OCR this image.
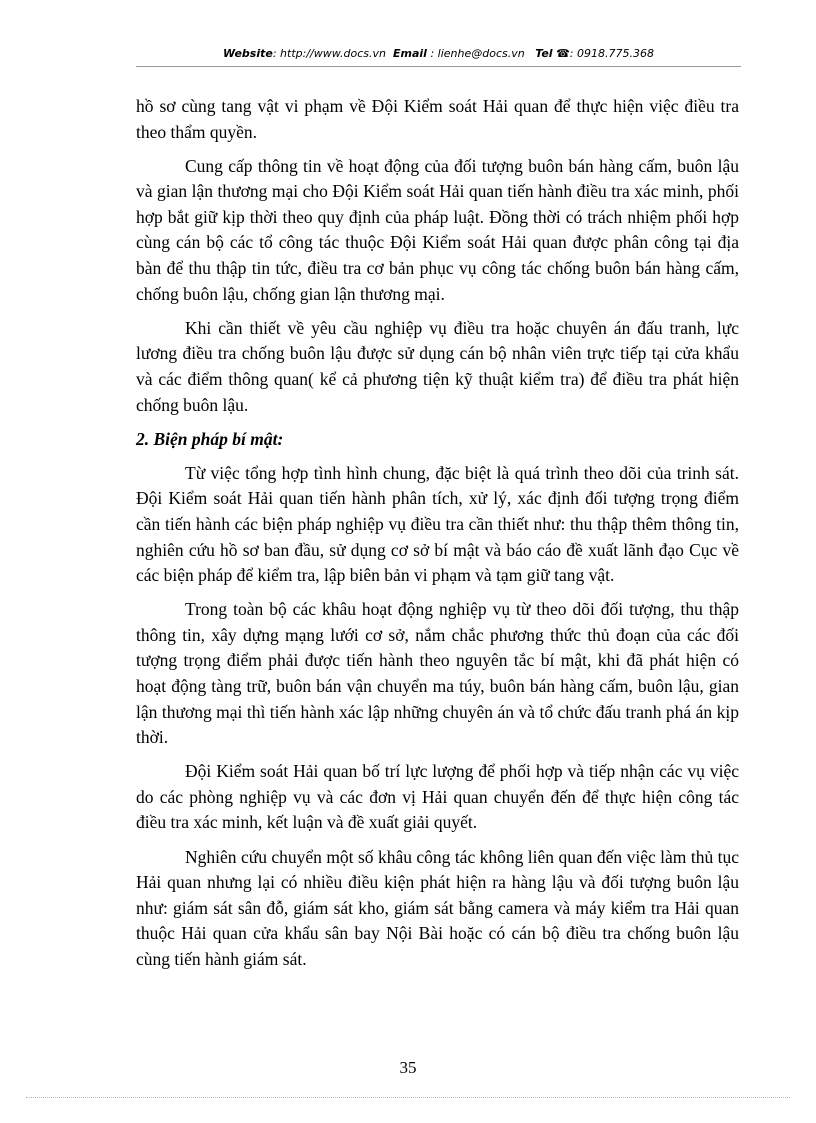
Website: http://www.docs.vn Email : lienhe@docs.vn Tel ☎: 0918.775.368

hồ sơ cùng tang vật vi phạm về Đội Kiểm soát Hải quan để thực hiện việc điều tra theo thẩm quyền.

Cung cấp thông tin về hoạt động của đối tượng buôn bán hàng cấm, buôn lậu và gian lận thương mại cho Đội Kiểm soát Hải quan tiến hành điều tra xác minh, phối hợp bắt giữ kịp thời theo quy định của pháp luật. Đồng thời có trách nhiệm phối hợp cùng cán bộ các tổ công tác thuộc Đội Kiểm soát Hải quan được phân công tại địa bàn để thu thập tin tức, điều tra cơ bản phục vụ công tác chống buôn bán hàng cấm, chống buôn lậu, chống gian lận thương mại.

Khi cần thiết về yêu cầu nghiệp vụ điều tra hoặc chuyên án đấu tranh, lực lương điều tra chống buôn lậu được sử dụng cán bộ nhân viên trực tiếp tại cửa khẩu và các điểm thông quan( kể cả phương tiện kỹ thuật kiểm tra) để điều tra phát hiện chống buôn lậu.

2. Biện pháp bí mật:

Từ việc tổng hợp tình hình chung, đặc biệt là quá trình theo dõi của trinh sát. Đội Kiểm soát Hải quan tiến hành phân tích, xử lý, xác định đối tượng trọng điểm cần tiến hành các biện pháp nghiệp vụ điều tra cần thiết như: thu thập thêm thông tin, nghiên cứu hồ sơ ban đầu, sử dụng cơ sở bí mật và báo cáo đề xuất lãnh đạo Cục về các biện pháp để kiểm tra, lập biên bản vi phạm và tạm giữ tang vật.

Trong toàn bộ các khâu hoạt động nghiệp vụ từ theo dõi đối tượng, thu thập thông tin, xây dựng mạng lưới cơ sở, nắm chắc phương thức thủ đoạn của các đối tượng trọng điểm phải được tiến hành theo nguyên tắc bí mật, khi đã phát hiện có hoạt động tàng trữ, buôn bán vận chuyển ma túy, buôn bán hàng cấm, buôn lậu, gian lận thương mại thì tiến hành xác lập những chuyên án và tổ chức đấu tranh phá án kịp thời.

Đội Kiểm soát Hải quan bố trí lực lượng để phối hợp và tiếp nhận các vụ việc do các phòng nghiệp vụ và các đơn vị Hải quan chuyển đến để thực hiện công tác điều tra xác minh, kết luận và đề xuất giải quyết.

Nghiên cứu chuyển một số khâu công tác không liên quan đến việc làm thủ tục Hải quan nhưng lại có nhiều điều kiện phát hiện ra hàng lậu và đối tượng buôn lậu như: giám sát sân đỗ, giám sát kho, giám sát bằng camera và máy kiểm tra Hải quan thuộc Hải quan cửa khẩu sân bay Nội Bài hoặc có cán bộ điều tra chống buôn lậu cùng tiến hành giám sát.

35
